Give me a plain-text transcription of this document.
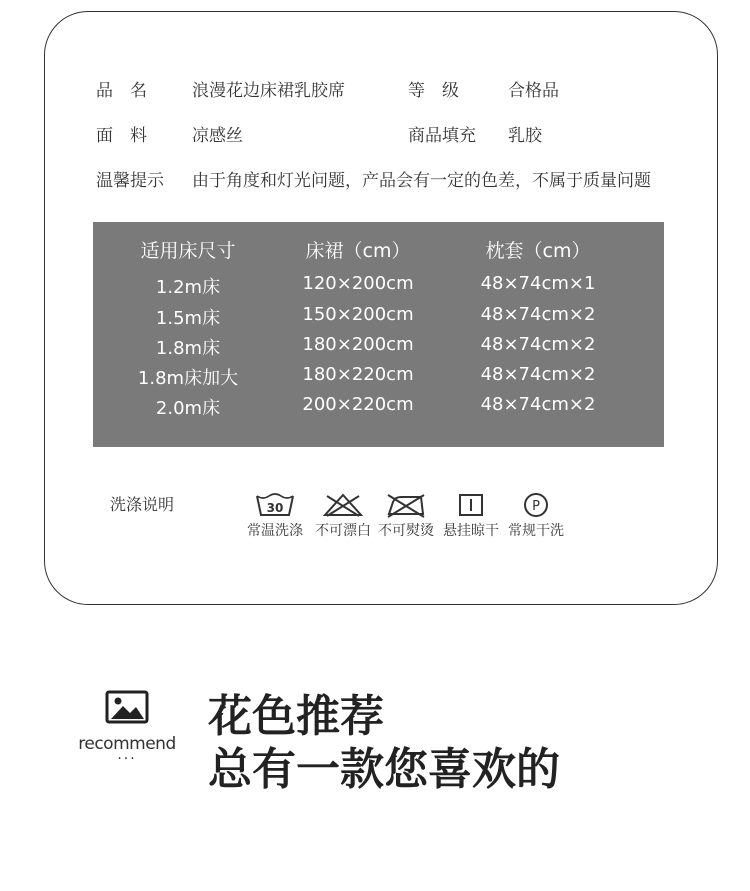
品　名	浪漫花边床裙乳胶席	等　级	合格品
面　料	凉感丝	商品填充 乳胶
温馨提示 由于角度和灯光问题，产品会有一定的色差，不属于质量问题
适用床尺寸	床裙（cm）	枕套（cm）
1.2m床	120×200cm	48×74cm×1
1.5m床	150×200cm	48×74cm×2
1.8m床	180×200cm	48×74cm×2
1.8m床加大	180×220cm	48×74cm×2
2.0m床	200×220cm	48×74cm×2
洗涤说明	30
常温洗涤 不可漂白 不可熨烫 悬挂晾干
P
常规干洗
recommend
···
花色推荐
总有一款您喜欢的
